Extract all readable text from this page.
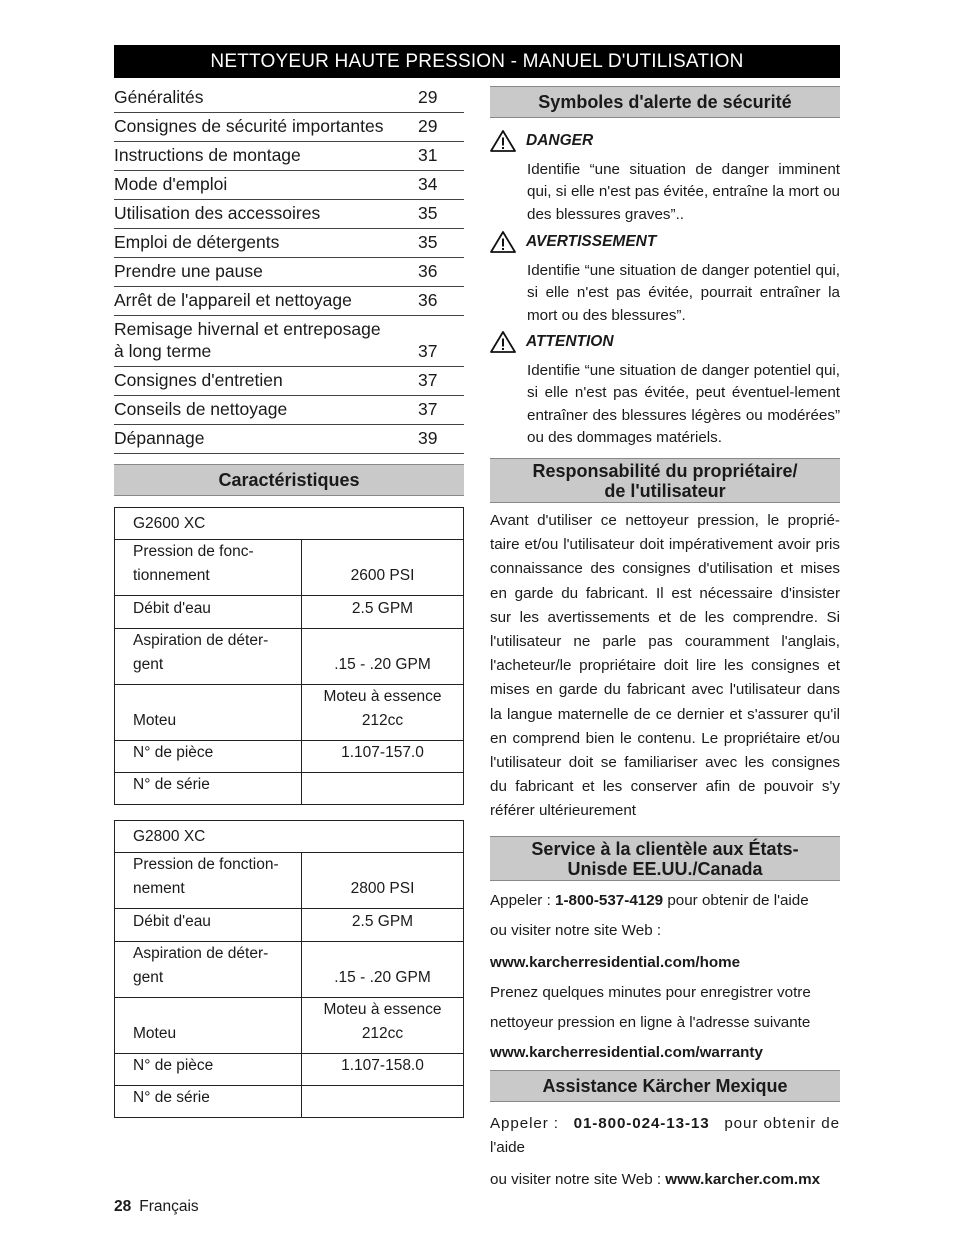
NETTOYEUR HAUTE PRESSION - MANUEL D'UTILISATION
Généralités	29
Consignes de sécurité importantes	29
Instructions de montage	31
Mode d'emploi	34
Utilisation des accessoires	35
Emploi de détergents	35
Prendre une pause	36
Arrêt de l'appareil et nettoyage	36
Remisage hivernal et entreposage
à long terme	37
Consignes d'entretien	37
Conseils de nettoyage	37
Dépannage	39
Caractéristiques
G2600 XC	
Pression de fonc-
tionnement	2600 PSI
Débit d'eau	2.5 GPM
Aspiration de déter-
gent	.15 - .20 GPM
Moteu	Moteu à essence
212cc
N° de pièce	1.107-157.0
N° de série	
G2800 XC	
Pression de fonction-
nement	2800 PSI
Débit d'eau	2.5 GPM
Aspiration de déter-
gent	.15 - .20 GPM
Moteu	Moteu à essence
212cc
N° de pièce	1.107-158.0
N° de série	
Symboles d'alerte de sécurité
DANGER
Identifie “une situation de danger imminent qui, si elle n'est pas évitée, entraîne la mort ou des blessures graves”..
AVERTISSEMENT
Identifie “une situation de danger potentiel qui, si elle n'est pas évitée, pourrait entraîner la mort ou des blessures”.
ATTENTION
Identifie “une situation de danger potentiel qui, si elle n'est pas évitée, peut éventuel-lement entraîner des blessures légères ou modérées” ou des dommages matériels.
Responsabilité du propriétaire/
de l'utilisateur
Avant d'utiliser ce nettoyeur pression, le proprié-taire et/ou l'utilisateur doit impérativement avoir pris connaissance des consignes d'utilisation et mises en garde du fabricant. Il est nécessaire d'insister sur les avertissements et de les comprendre. Si l'utilisateur ne parle pas couramment l'anglais, l'acheteur/le propriétaire doit lire les consignes et mises en garde du fabricant avec l'utilisateur dans la langue maternelle de ce dernier et s'assurer qu'il en comprend bien le contenu. Le propriétaire et/ou l'utilisateur doit se familiariser avec les consignes du fabricant et les conserver afin de pouvoir s'y référer ultérieurement
Service à la clientèle aux États-
Unisde EE.UU./Canada
Appeler : 1-800-537-4129 pour obtenir de l'aide
ou visiter notre site Web :
www.karcherresidential.com/home
Prenez quelques minutes pour enregistrer votre
nettoyeur pression en ligne à l'adresse suivante
www.karcherresidential.com/warranty
Assistance Kärcher Mexique
Appeler : 01-800-024-13-13 pour obtenir de
l'aide
ou visiter notre site Web : www.karcher.com.mx
28 Français
